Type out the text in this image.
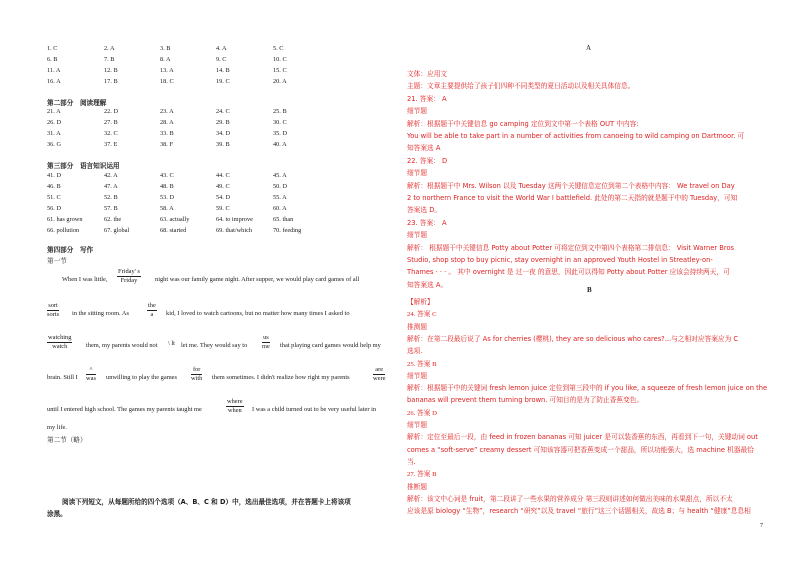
1. C	2. A	3. B	4. A	5. C
6. B	7. B	8. A	9. C	10. C
11. A	12. B	13. A	14. B	15. C
16. A	17. B	18. C	19. C	20. A
第二部分　阅读理解
21. A	22. D	23. A	24. C	25. B
26. D	27. B	28. A	29. B	30. C
31. A	32. C	33. B	34. D	35. D
36. G	37. E	38. F	39. B	40. A
第三部分　语言知识运用
41. D	42. A	43. C	44. C	45. A
46. B	47. A	48. B	49. C	50. D
51. C	52. B	53. D	54. D	55. A
56. D	57. B	58. A	59. C	60. A
61. has grown	62. the	63. actually	64. to improve	65. than
66. pollution	67. global	68. started	69. that/which	70. feeding
第四部分　写作
第一节
A
文体：应用文
主题：文章主要提供给了孩子们四种不同类型的夏日活动以及相关具体信息。
21. 答案： A
细节题
解析：根据题干中关键信息 go camping 定位到文中第一个表格 OUT 中内容:
You will be able to take part in a number of activities from canoeing to wild camping on Dartmoor. 可
知答案选 A
22. 答案： D
细节题
解析：根据题干中 Mrs. Wilson 以及 Tuesday 这两个关键信息定位到第二个表格中内容： We travel on Day
2 to northern France to visit the World War I battlefield. 此处的第二天指的就是题干中的 Tuesday，可知
答案选 D。
23. 答案： A
细节题
解析： 根据题干中关键信息 Potty about Potter 可将定位到文中第四个表格第二排信息： Visit Warner Bros
Studio, shop stop to buy picnic, stay overnight in an approved Youth Hostel in Streatley-on-
Thames · · · 。 其中 overnight 是 过一夜 的意思，因此可以得知 Potty about Potter 应该会持续两天，可
知答案选 A。
B
【解析】
24. 答案 C
推测题
解析：在第二段最后说了 As for cherries (樱桃), they are so delicious who cares?...与之相对应答案应为 C
选项.
25. 答案 B
细节题
解析：根据题干中的关键词 fresh lemon juice 定位到第三段中的 if you like, a squeeze of fresh lemon juice on the
bananas will prevent them turning brown. 可知目的是为了防止香蕉变色。
26. 答案 D
细节题
解析：定位至最后一段，由 feed in frozen bananas 可知 juicer 是可以装香蕉的东西，再看到下一句，关键动词 out
comes a “soft-serve” creamy dessert 可知该容器可把香蕉变成一个甜品，所以功能强大，选 machine 机器最恰
当.
27. 答案 B
推断题
解析：该文中心词是 fruit，第二段讲了一些水果的营养成分 第三段则讲述如何做出美味的水果甜点，所以不太
应该是原 biology “生物”，research “研究”以及 travel “旅行”这三个话题相关，故选 B；与 health “健康”息息相
7
When I was little,
Friday' s
Friday	night was our family game night. After supper, we would play card games of all
sort
sorts in the sitting room. As
the
a	kid, I loved to watch cartoons, but no matter how many times I asked to
watching
watch	them, my parents would not \ lt let me. They would say to
us
me that playing card games would help my
brain. Still I
^
was unwilling to play the games
for
with them sometimes. I didn't realize how right my parents
are
were
until I entered high school. The games my parents taught me
where
when I was a child turned out to be very useful later in
my life.
第二节（略）
阅读下列短文，从每题所给的四个选项（A、B、C 和 D）中，选出最佳选项，并在答题卡上将该项
涂黑。
